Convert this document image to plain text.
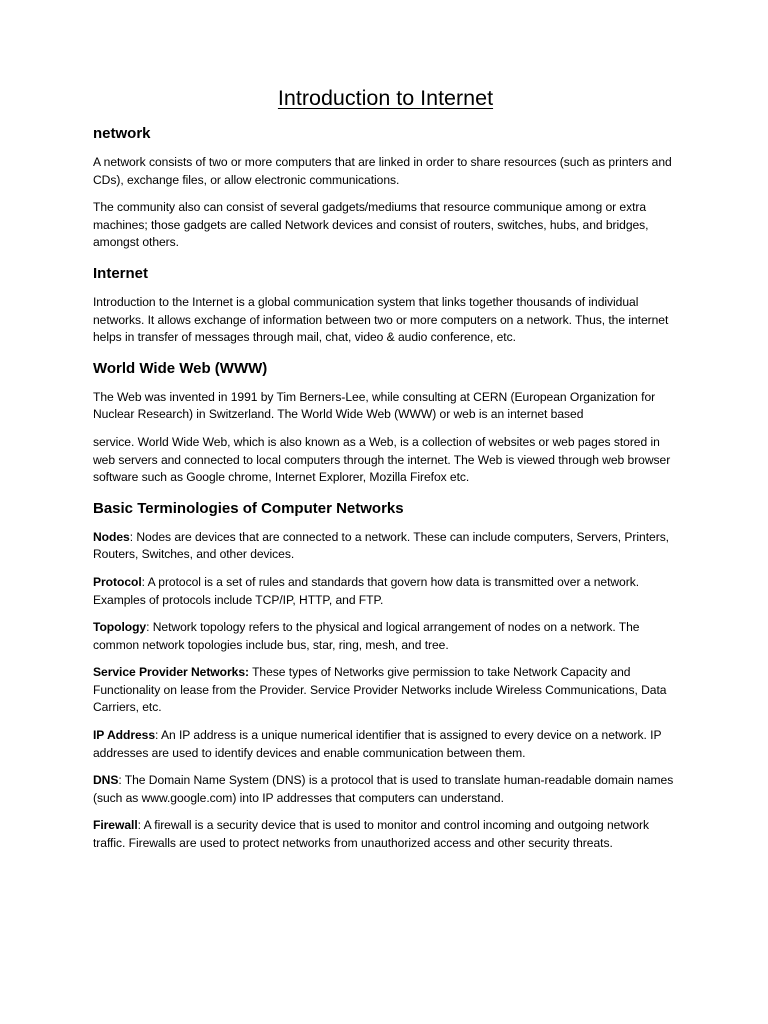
Introduction to Internet
network

A network consists of two or more computers that are linked in order to share resources (such as printers and CDs), exchange files, or allow electronic communications.

The community also can consist of several gadgets/mediums that resource communique among or extra machines; those gadgets are called Network devices and consist of routers, switches, hubs, and bridges, amongst others.

Internet

Introduction to the Internet is a global communication system that links together thousands of individual networks. It allows exchange of information between two or more computers on a network. Thus, the internet helps in transfer of messages through mail, chat, video & audio conference, etc.

World Wide Web (WWW)

The Web was invented in 1991 by Tim Berners-Lee, while consulting at CERN (European Organization for Nuclear Research) in Switzerland. The World Wide Web (WWW) or web is an internet based

service. World Wide Web, which is also known as a Web, is a collection of websites or web pages stored in web servers and connected to local computers through the internet. The Web is viewed through web browser software such as Google chrome, Internet Explorer, Mozilla Firefox etc.

Basic Terminologies of Computer Networks

Nodes: Nodes are devices that are connected to a network. These can include computers, Servers, Printers, Routers, Switches, and other devices.

Protocol: A protocol is a set of rules and standards that govern how data is transmitted over a network. Examples of protocols include TCP/IP, HTTP, and FTP.

Topology: Network topology refers to the physical and logical arrangement of nodes on a network. The common network topologies include bus, star, ring, mesh, and tree.

Service Provider Networks: These types of Networks give permission to take Network Capacity and Functionality on lease from the Provider. Service Provider Networks include Wireless Communications, Data Carriers, etc.

IP Address: An IP address is a unique numerical identifier that is assigned to every device on a network. IP addresses are used to identify devices and enable communication between them.

DNS: The Domain Name System (DNS) is a protocol that is used to translate human-readable domain names (such as www.google.com) into IP addresses that computers can understand.

Firewall: A firewall is a security device that is used to monitor and control incoming and outgoing network traffic. Firewalls are used to protect networks from unauthorized access and other security threats.
